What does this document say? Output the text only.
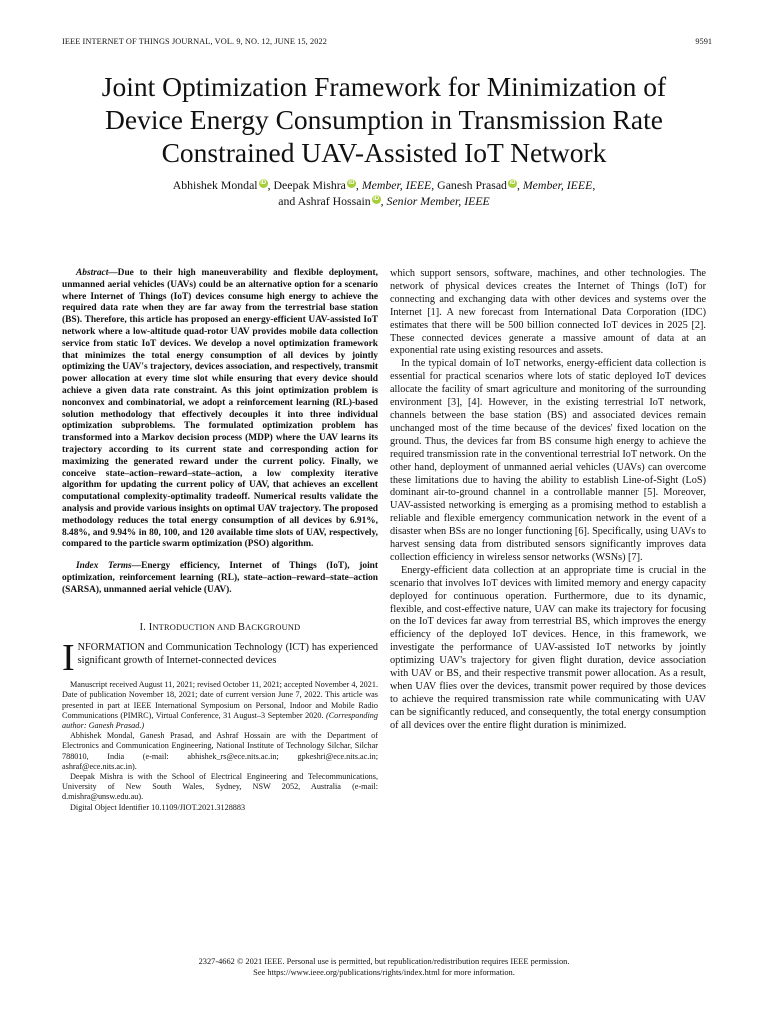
IEEE INTERNET OF THINGS JOURNAL, VOL. 9, NO. 12, JUNE 15, 2022	9591
Joint Optimization Framework for Minimization of
Device Energy Consumption in Transmission Rate
Constrained UAV-Assisted IoT Network
Abhishek Mondal iD , Deepak Mishra iD , Member, IEEE, Ganesh Prasad iD , Member, IEEE,
and Ashraf Hossain iD , Senior Member, IEEE

Abstract—Due to their high maneuverability and flexible deployment, unmanned aerial vehicles (UAVs) could be an alternative option for a scenario where Internet of Things (IoT) devices consume high energy to achieve the required data rate when they are far away from the terrestrial base station (BS). Therefore, this article has proposed an energy-efficient UAV-assisted IoT network where a low-altitude quad-rotor UAV provides mobile data collection service from static IoT devices. We develop a novel optimization framework that minimizes the total energy consumption of all devices by jointly optimizing the UAV's trajectory, devices association, and respectively, transmit power allocation at every time slot while ensuring that every device should achieve a given data rate constraint. As this joint optimization problem is nonconvex and combinatorial, we adopt a reinforcement learning (RL)-based solution methodology that effectively decouples it into three individual optimization subproblems. The formulated optimization problem has transformed into a Markov decision process (MDP) where the UAV learns its trajectory according to its current state and corresponding action for maximizing the generated reward under the current policy. Finally, we conceive state–action–reward–state–action, a low complexity iterative algorithm for updating the current policy of UAV, that achieves an excellent computational complexity-optimality tradeoff. Numerical results validate the analysis and provide various insights on optimal UAV trajectory. The proposed methodology reduces the total energy consumption of all devices by 6.91%, 8.48%, and 9.94% in 80, 100, and 120 available time slots of UAV, respectively, compared to the particle swarm optimization (PSO) algorithm.

Index Terms—Energy efficiency, Internet of Things (IoT), joint optimization, reinforcement learning (RL), state–action–reward–state–action (SARSA), unmanned aerial vehicle (UAV).

I. INTRODUCTION AND BACKGROUND

INFORMATION and Communication Technology (ICT) has experienced significant growth of Internet-connected devices

Manuscript received August 11, 2021; revised October 11, 2021; accepted November 4, 2021. Date of publication November 18, 2021; date of current version June 7, 2022. This article was presented in part at IEEE International Symposium on Personal, Indoor and Mobile Radio Communications (PIMRC), Virtual Conference, 31 August–3 September 2020. (Corresponding author: Ganesh Prasad.)

Abhishek Mondal, Ganesh Prasad, and Ashraf Hossain are with the Department of Electronics and Communication Engineering, National Institute of Technology Silchar, Silchar 788010, India (e-mail: abhishek_rs@ece.nits.ac.in; gpkeshri@ece.nits.ac.in; ashraf@ece.nits.ac.in).

Deepak Mishra is with the School of Electrical Engineering and Telecommunications, University of New South Wales, Sydney, NSW 2052, Australia (e-mail: d.mishra@unsw.edu.au).

Digital Object Identifier 10.1109/JIOT.2021.3128883

which support sensors, software, machines, and other technologies. The network of physical devices creates the Internet of Things (IoT) for connecting and exchanging data with other devices and systems over the Internet [1]. A new forecast from International Data Corporation (IDC) estimates that there will be 500 billion connected IoT devices in 2025 [2]. These connected devices generate a massive amount of data at an exponential rate using existing resources and assets.

In the typical domain of IoT networks, energy-efficient data collection is essential for practical scenarios where lots of static deployed IoT devices allocate the facility of smart agriculture and monitoring of the surrounding environment [3], [4]. However, in the existing terrestrial IoT network, channels between the base station (BS) and associated devices remain unchanged most of the time because of the devices' fixed location on the ground. Thus, the devices far from BS consume high energy to achieve the required transmission rate in the conventional terrestrial IoT network. On the other hand, deployment of unmanned aerial vehicles (UAVs) can overcome these limitations due to having the ability to establish Line-of-Sight (LoS) dominant air-to-ground channel in a controllable manner [5]. Moreover, UAV-assisted networking is emerging as a promising method to establish a reliable and flexible emergency communication network in the event of a disaster when BSs are no longer functioning [6]. Specifically, using UAVs to harvest sensing data from distributed sensors significantly improves data collection efficiency in wireless sensor networks (WSNs) [7].

Energy-efficient data collection at an appropriate time is crucial in the scenario that involves IoT devices with limited memory and energy capacity deployed for continuous operation. Furthermore, due to its dynamic, flexible, and cost-effective nature, UAV can make its trajectory for focusing on the IoT devices far away from terrestrial BS, which improves the energy efficiency of the deployed IoT devices. Hence, in this framework, we investigate the performance of UAV-assisted IoT networks by jointly optimizing UAV's trajectory for given flight duration, device association with UAV or BS, and their respective transmit power allocation. As a result, when UAV flies over the devices, transmit power required by those devices to achieve the required transmission rate while communicating with UAV can be significantly reduced, and consequently, the total energy consumption of all devices over the entire flight duration is minimized.

2327-4662 © 2021 IEEE. Personal use is permitted, but republication/redistribution requires IEEE permission.
See https://www.ieee.org/publications/rights/index.html for more information.
